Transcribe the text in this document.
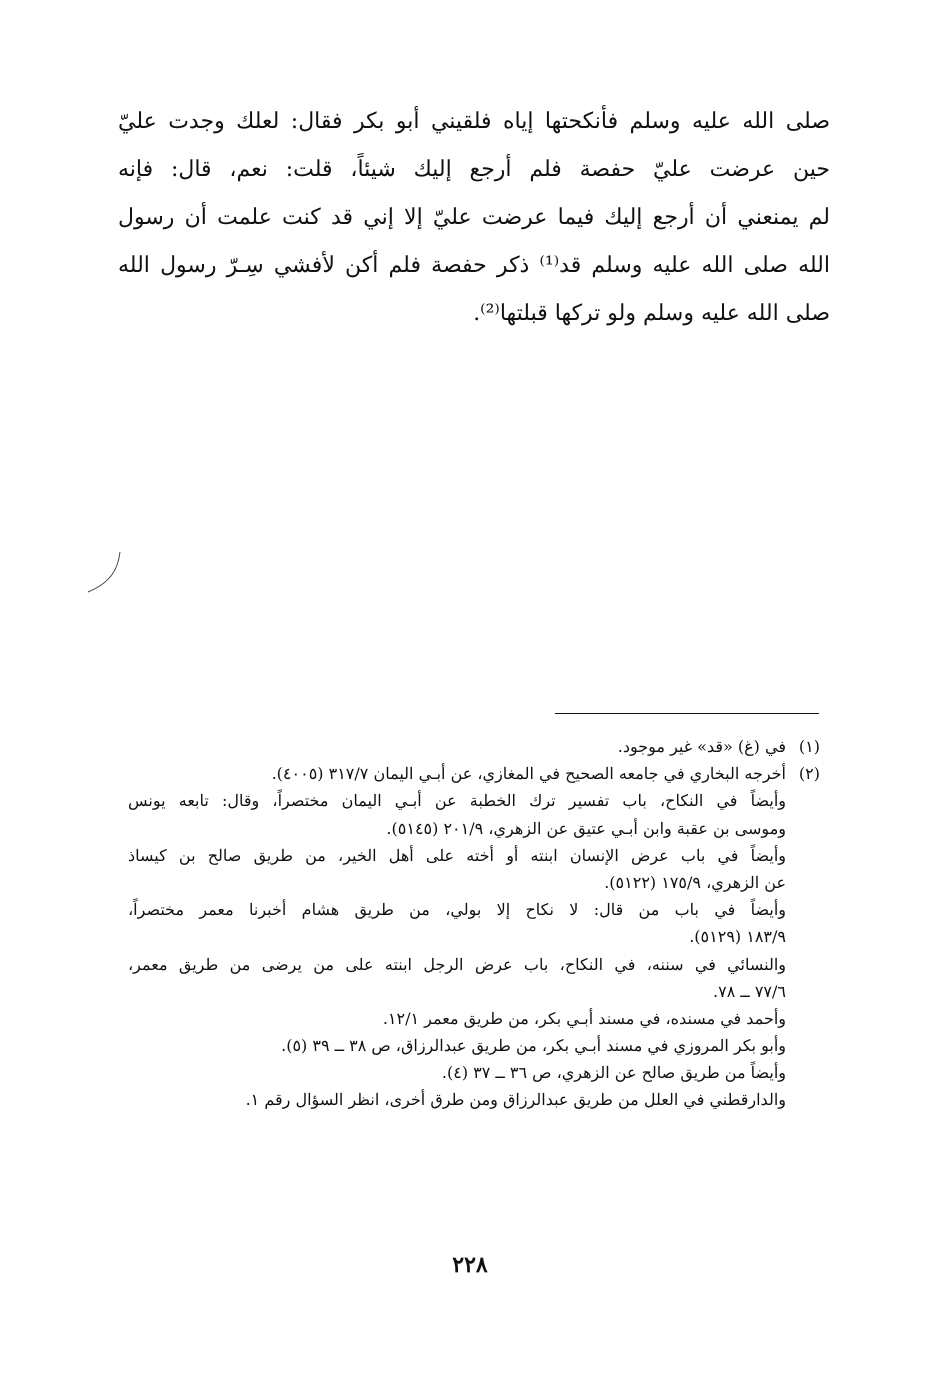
صلى الله عليه وسلم فأنكحتها إياه فلقيني أبو بكر فقال: لعلك وجدت عليّ
حين عرضت عليّ حفصة فلم أرجع إليك شيئاً، قلت: نعم، قال: فإنه
لم يمنعني أن أرجع إليك فيما عرضت عليّ إلا إني قد كنت علمت أن رسول
الله صلى الله عليه وسلم قد⁽¹⁾ ذكر حفصة فلم أكن لأفشي سِـرّ رسول الله
صلى الله عليه وسلم ولو تركها قبلتها⁽²⁾.
(١)في (غ) «قد» غير موجود.
(٢)أخرجه البخاري في جامعه الصحيح في المغازي، عن أبـي اليمان ٣١٧/٧ (٤٠٠٥).
وأيضاً في النكاح، باب تفسير ترك الخطبة عن أبـي اليمان مختصراً، وقال: تابعه يونس
وموسى بن عقبة وابن أبـي عتيق عن الزهري، ٢٠١/٩ (٥١٤٥).
وأيضاً في باب عرض الإنسان ابنته أو أخته على أهل الخير، من طريق صالح بن كيساذ
عن الزهري، ١٧٥/٩ (٥١٢٢).
وأيضاً في باب من قال: لا نكاح إلا بولي، من طريق هشام أخبرنا معمر مختصراً،
١٨٣/٩ (٥١٢٩).
والنسائي في سننه، في النكاح، باب عرض الرجل ابنته على من يرضى من طريق معمر،
٧٧/٦ ــ ٧٨.
وأحمد في مسنده، في مسند أبـي بكر، من طريق معمر ١٢/١.
وأبو بكر المروزي في مسند أبـي بكر، من طريق عبدالرزاق، ص ٣٨ ــ ٣٩ (٥).
وأيضاً من طريق صالح عن الزهري، ص ٣٦ ــ ٣٧ (٤).
والدارقطني في العلل من طريق عبدالرزاق ومن طرق أخرى، انظر السؤال رقم ١.
٢٢٨
